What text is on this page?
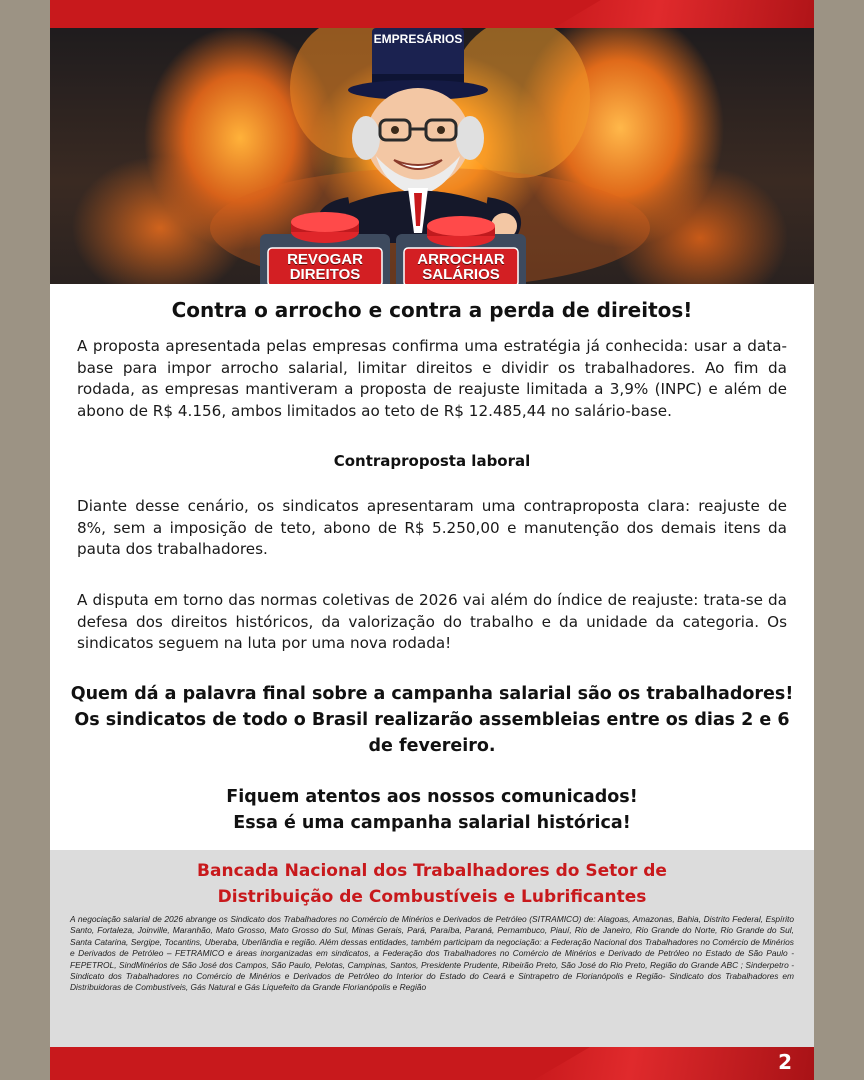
EMPRESÁRIOS
REVOGAR
DIREITOS
ARROCHAR
SALÁRIOS
Contra o arrocho e contra a perda de direitos!
A proposta apresentada pelas empresas confirma uma estratégia já conhecida: usar a data-base para impor arrocho salarial, limitar direitos e dividir os trabalhadores. Ao fim da rodada, as empresas mantiveram a proposta de reajuste limitada a 3,9% (INPC) e além de abono de R$ 4.156, ambos limitados ao teto de R$ 12.485,44 no salário-base.
Contraproposta laboral
Diante desse cenário, os sindicatos apresentaram uma contraproposta clara: reajuste de 8%, sem a imposição de teto, abono de R$ 5.250,00 e manutenção dos demais itens da pauta dos trabalhadores.
A disputa em torno das normas coletivas de 2026 vai além do índice de reajuste: trata-se da defesa dos direitos históricos, da valorização do trabalho e da unidade da categoria. Os sindicatos seguem na luta por uma nova rodada!
Quem dá a palavra final sobre a campanha salarial são os trabalhadores!
Os sindicatos de todo o Brasil realizarão assembleias entre os dias 2 e 6
de fevereiro.
Fiquem atentos aos nossos comunicados!
Essa é uma campanha salarial histórica!
Bancada Nacional dos Trabalhadores do Setor de
Distribuição de Combustíveis e Lubrificantes
A negociação salarial de 2026 abrange os Sindicato dos Trabalhadores no Comércio de Minérios e Derivados de Petróleo (SITRAMICO) de: Alagoas, Amazonas, Bahia, Distrito Federal, Espírito Santo, Fortaleza, Joinville, Maranhão, Mato Grosso, Mato Grosso do Sul, Minas Gerais, Pará, Paraíba, Paraná, Pernambuco, Piauí, Rio de Janeiro, Rio Grande do Norte, Rio Grande do Sul, Santa Catarina, Sergipe, Tocantins, Uberaba, Uberlândia e região. Além dessas entidades, também participam da negociação: a Federação Nacional dos Trabalhadores no Comércio de Minérios e Derivados de Petróleo – FETRAMICO e áreas inorganizadas em sindicatos, a Federação dos Trabalhadores no Comércio de Minérios e Derivado de Petróleo no Estado de São Paulo - FEPETROL, SindMinérios de São José dos Campos, São Paulo, Pelotas, Campinas, Santos, Presidente Prudente, Ribeirão Preto, São José do Rio Preto, Região do Grande ABC ; Sinderpetro - Sindicato dos Trabalhadores no Comércio de Minérios e Derivados de Petróleo do Interior do Estado do Ceará e Sintrapetro de Florianópolis e Região- Sindicato dos Trabalhadores em Distribuidoras de Combustíveis, Gás Natural e Gás Liquefeito da Grande Florianópolis e Região
2
